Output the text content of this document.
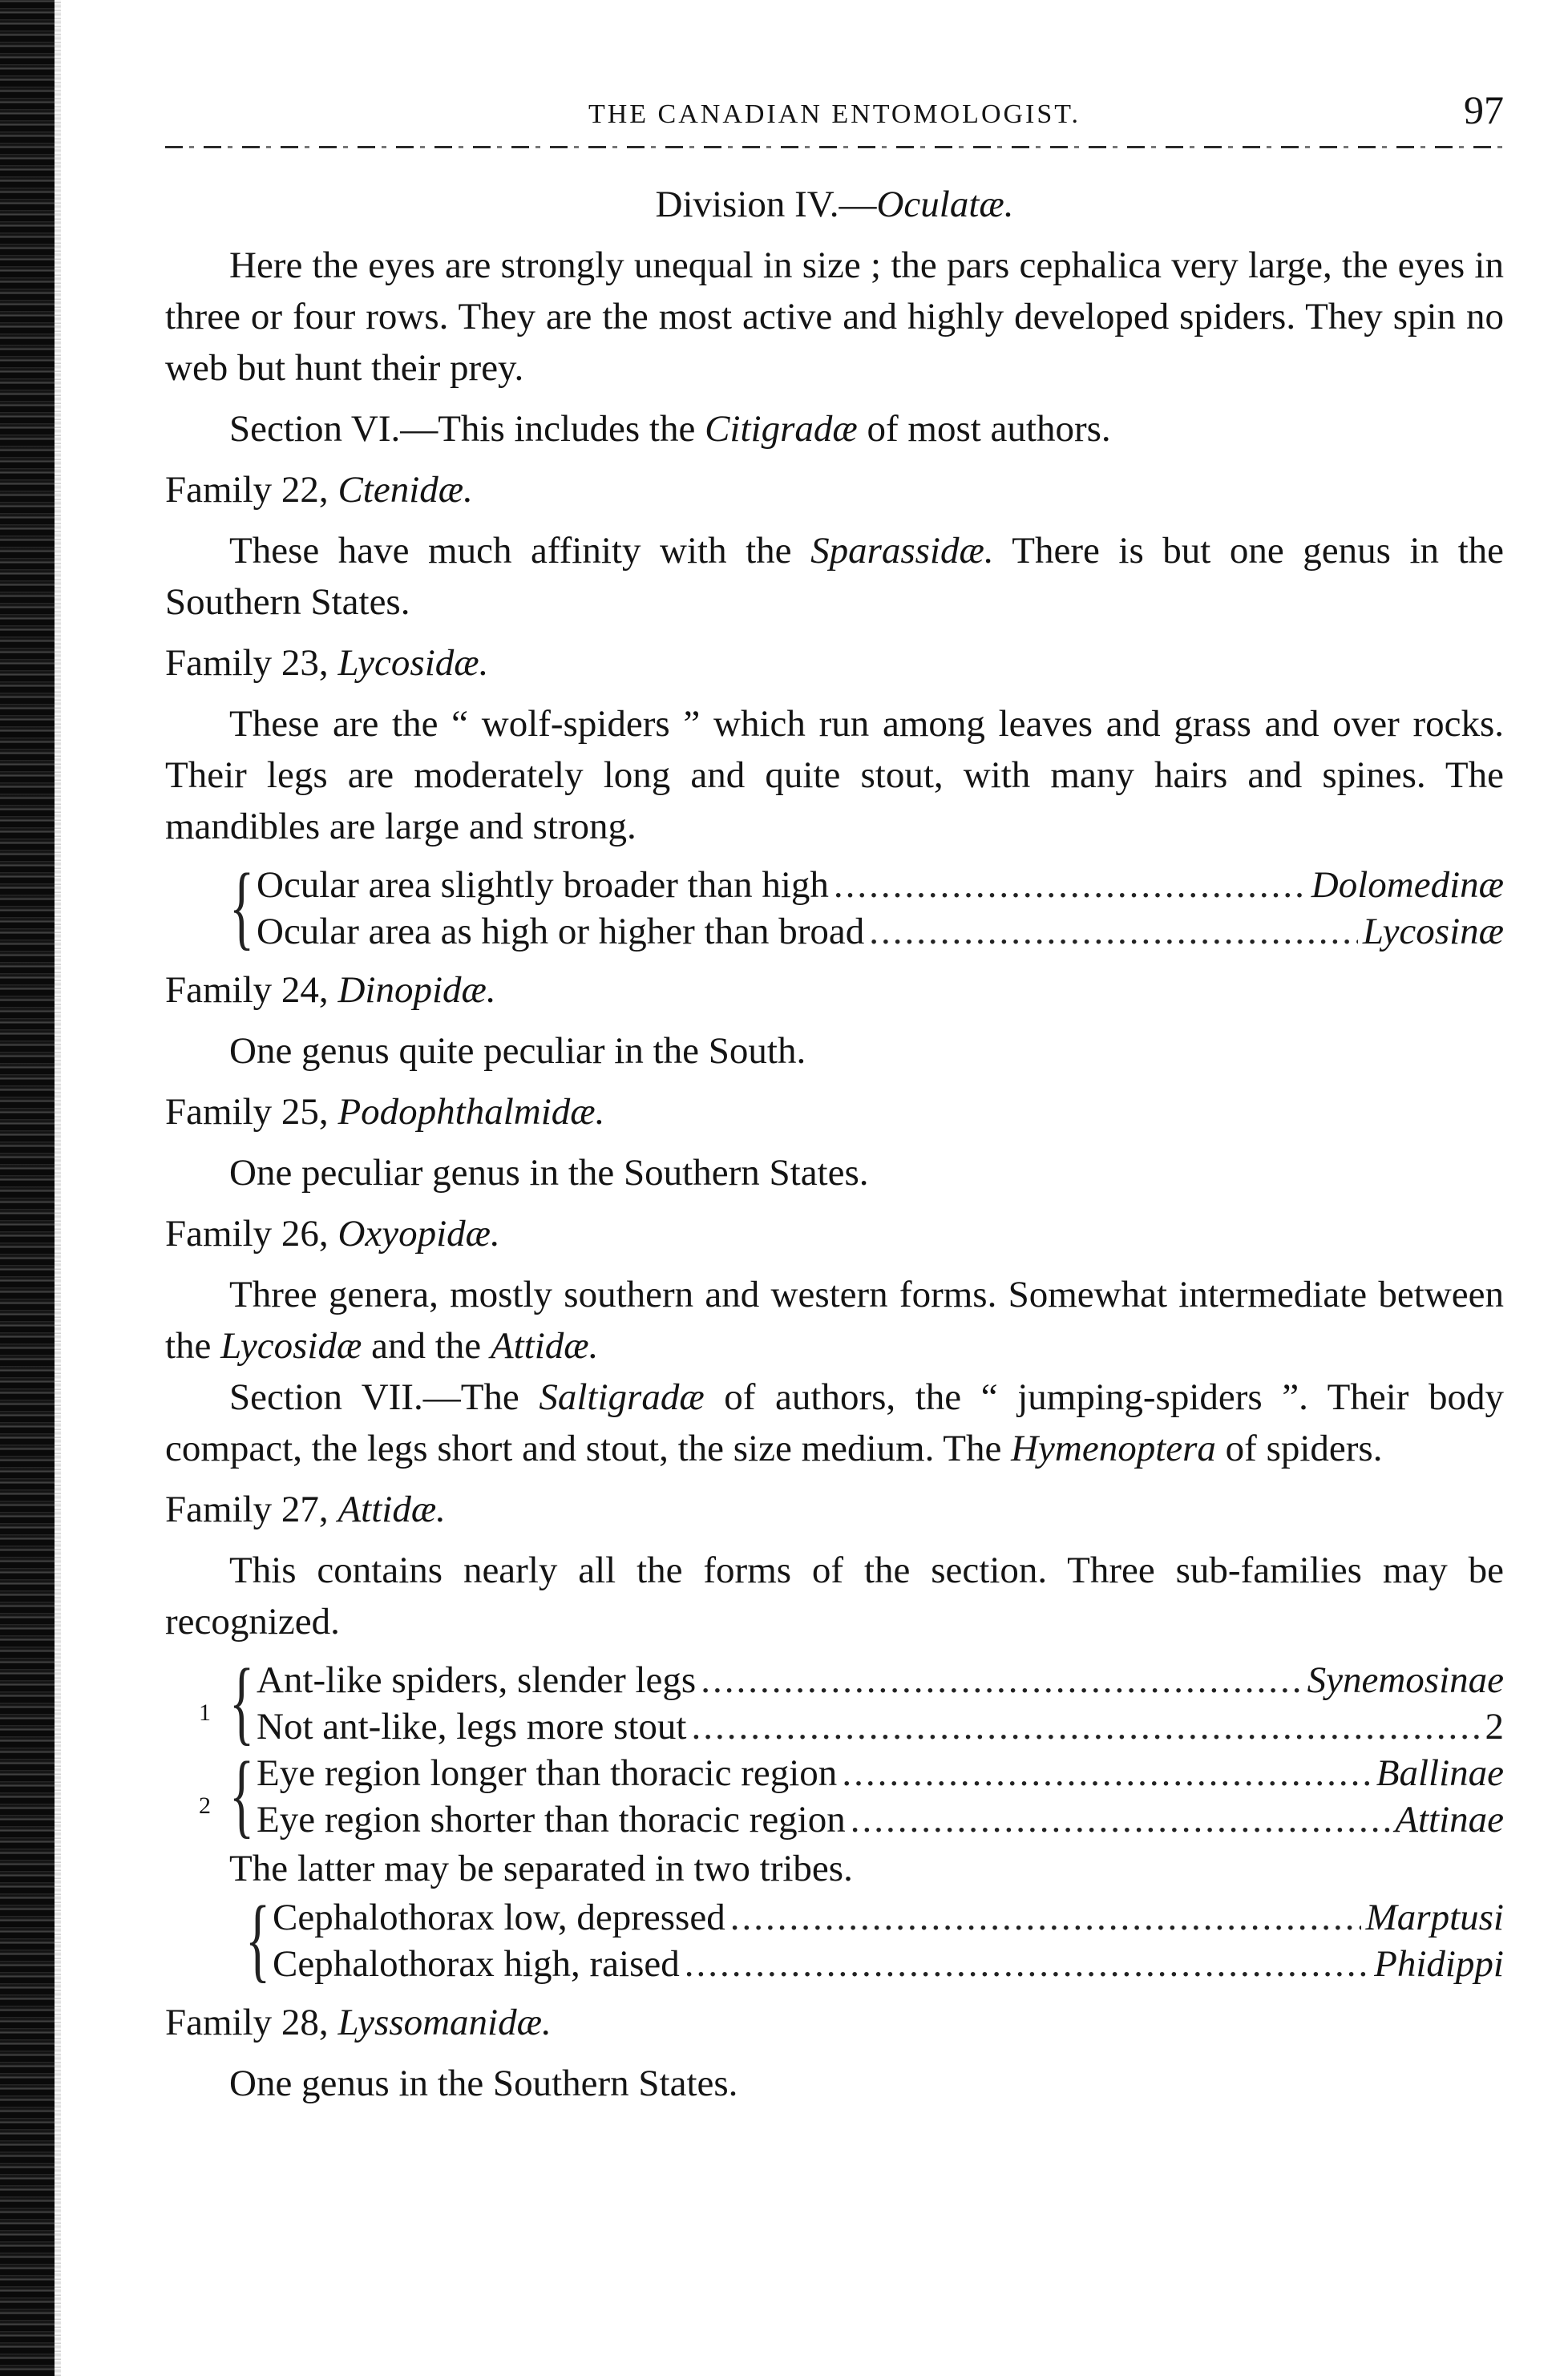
THE CANADIAN ENTOMOLOGIST.	97

Division IV.—Oculatæ.

Here the eyes are strongly unequal in size ; the pars cephalica very large, the eyes in three or four rows. They are the most active and highly developed spiders. They spin no web but hunt their prey.

Section VI.—This includes the Citigradæ of most authors.

Family 22, Ctenidæ.

These have much affinity with the Sparassidæ. There is but one genus in the Southern States.

Family 23, Lycosidæ.

These are the “ wolf-spiders ” which run among leaves and grass and over rocks. Their legs are moderately long and quite stout, with many hairs and spines. The mandibles are large and strong.

{ Ocular area slightly broader than high .....	Dolomedinæ
Ocular area as high or higher than broad .....	Lycosinæ

Family 24, Dinopidæ.

One genus quite peculiar in the South.

Family 25, Podophthalmidæ.

One peculiar genus in the Southern States.

Family 26, Oxyopidæ.

Three genera, mostly southern and western forms. Somewhat intermediate between the Lycosidæ and the Attidæ.

Section VII.—The Saltigradæ of authors, the “ jumping-spiders ”. Their body compact, the legs short and stout, the size medium. The Hymenoptera of spiders.

Family 27, Attidæ.

This contains nearly all the forms of the section. Three sub-families may be recognized.

1 { Ant-like spiders, slender legs .....	Synemosinae
Not ant-like, legs more stout .....	2
2 { Eye region longer than thoracic region .....	Ballinae
Eye region shorter than thoracic region .....	Attinae

The latter may be separated in two tribes.

{ Cephalothorax low, depressed .....	Marptusi
Cephalothorax high, raised .....	Phidippi

Family 28, Lyssomanidæ.

One genus in the Southern States.
